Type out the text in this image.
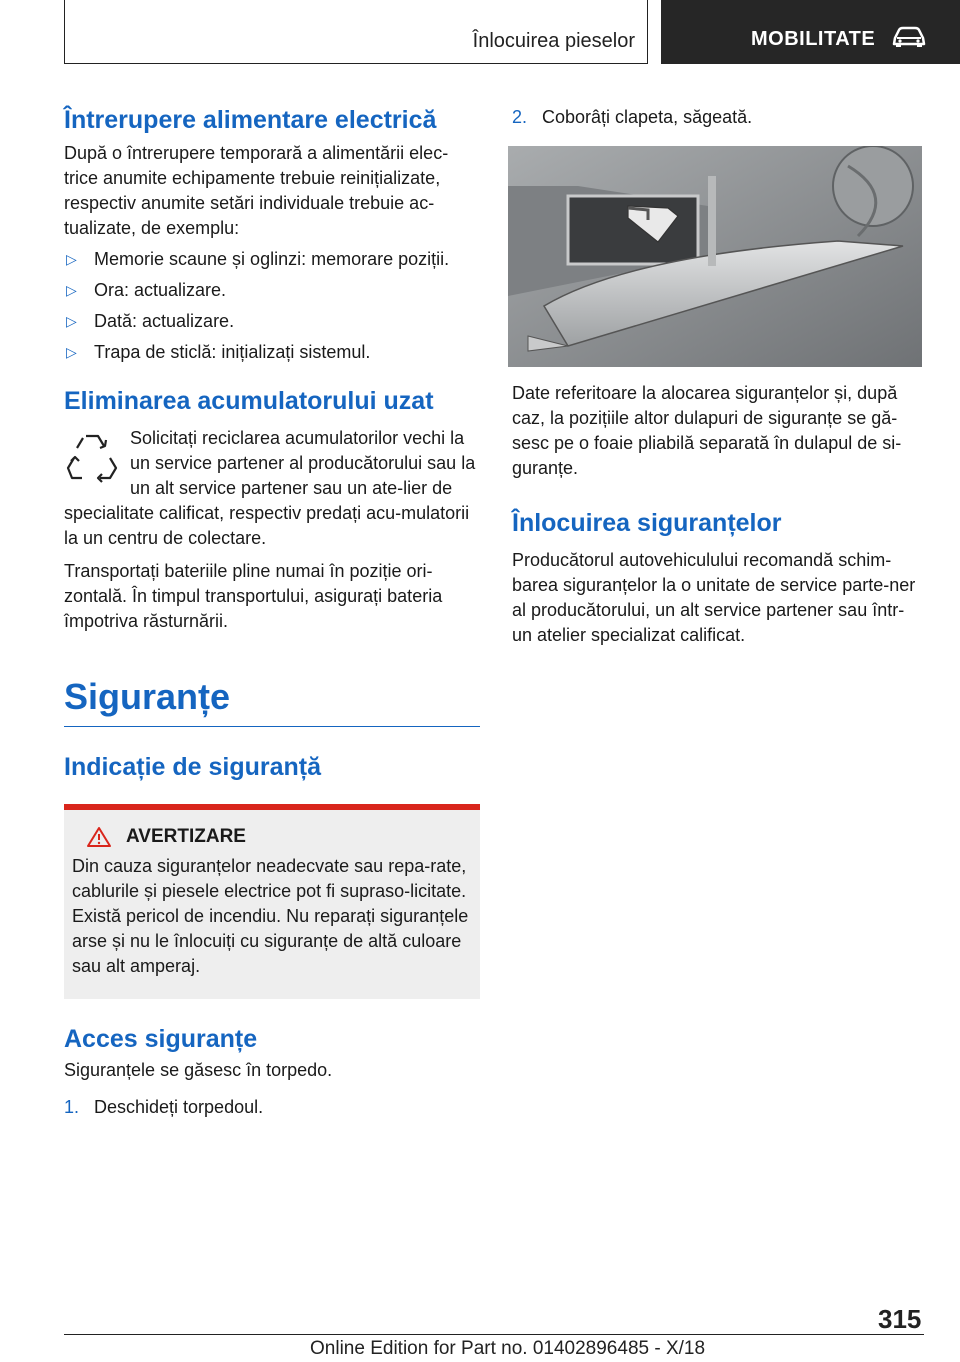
Înlocuirea pieselor	MOBILITATE
Întrerupere alimentare electrică

După o întrerupere temporară a alimentării elec-trice anumite echipamente trebuie reinițializate, respectiv anumite setări individuale trebuie ac-tualizate, de exemplu:

▷ Memorie scaune și oglinzi: memorare poziții.
▷ Ora: actualizare.
▷ Dată: actualizare.
▷ Trapa de sticlă: inițializați sistemul.
Eliminarea acumulatorului uzat

Solicitați reciclarea acumulatorilor vechi la un service partener al producătorului sau la un alt service partener sau un ate-lier de specialitate calificat, respectiv predați acu-mulatorii la un centru de colectare.

Transportați bateriile pline numai în poziție ori-zontală. În timpul transportului, asigurați bateria împotriva răsturnării.

Siguranțe
Indicație de siguranță
AVERTIZARE

Din cauza siguranțelor neadecvate sau repa-rate, cablurile și piesele electrice pot fi supraso-licitate. Există pericol de incendiu. Nu reparați siguranțele arse și nu le înlocuiți cu siguranțe de altă culoare sau alt amperaj.

Acces siguranțe

Siguranțele se găsesc în torpedo.

1. Deschideți torpedoul.
2. Coborâți clapeta, săgeată.

Date referitoare la alocarea siguranțelor și, după caz, la pozițiile altor dulapuri de siguranțe se gă-sesc pe o foaie pliabilă separată în dulapul de si-guranțe.

Înlocuirea siguranțelor

Producătorul autovehiculului recomandă schim-barea siguranțelor la o unitate de service parte-ner al producătorului, un alt service partener sau într-un atelier specializat calificat.

315
Online Edition for Part no. 01402896485 - X/18
